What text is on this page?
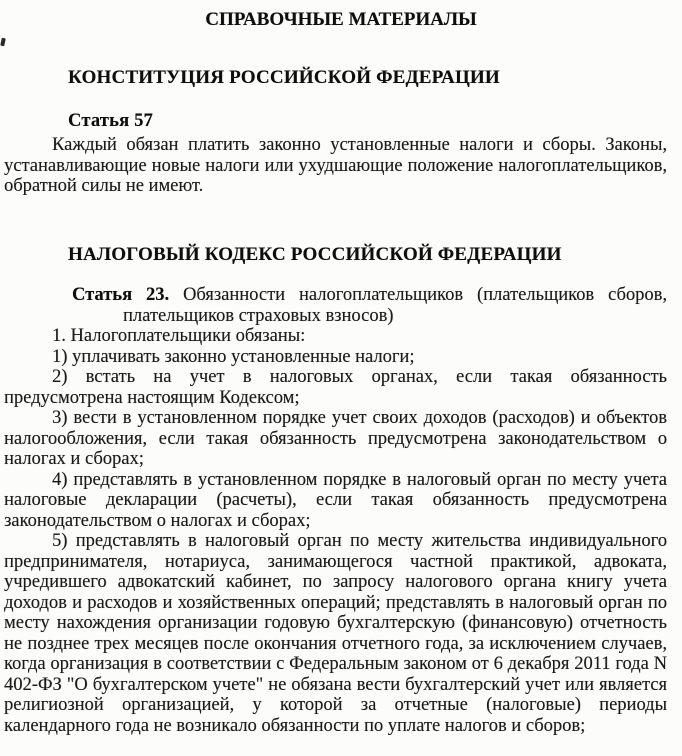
СПРАВОЧНЫЕ МАТЕРИАЛЫ
КОНСТИТУЦИЯ РОССИЙСКОЙ ФЕДЕРАЦИИ
Статья 57

Каждый обязан платить законно установленные налоги и сборы. Законы, устанавливающие новые налоги или ухудшающие положение налогоплательщиков, обратной силы не имеют.

НАЛОГОВЫЙ КОДЕКС РОССИЙСКОЙ ФЕДЕРАЦИИ

Статья 23. Обязанности налогоплательщиков (плательщиков сборов, плательщиков страховых взносов)

1. Налогоплательщики обязаны:

1) уплачивать законно установленные налоги;

2) встать на учет в налоговых органах, если такая обязанность предусмотрена настоящим Кодексом;

3) вести в установленном порядке учет своих доходов (расходов) и объектов налогообложения, если такая обязанность предусмотрена законодательством о налогах и сборах;

4) представлять в установленном порядке в налоговый орган по месту учета налоговые декларации (расчеты), если такая обязанность предусмотрена законодательством о налогах и сборах;

5) представлять в налоговый орган по месту жительства индивидуального предпринимателя, нотариуса, занимающегося частной практикой, адвоката, учредившего адвокатский кабинет, по запросу налогового органа книгу учета доходов и расходов и хозяйственных операций; представлять в налоговый орган по месту нахождения организации годовую бухгалтерскую (финансовую) отчетность не позднее трех месяцев после окончания отчетного года, за исключением случаев, когда организация в соответствии с Федеральным законом от 6 декабря 2011 года N 402-ФЗ "О бухгалтерском учете" не обязана вести бухгалтерский учет или является религиозной организацией, у которой за отчетные (налоговые) периоды календарного года не возникало обязанности по уплате налогов и сборов;
